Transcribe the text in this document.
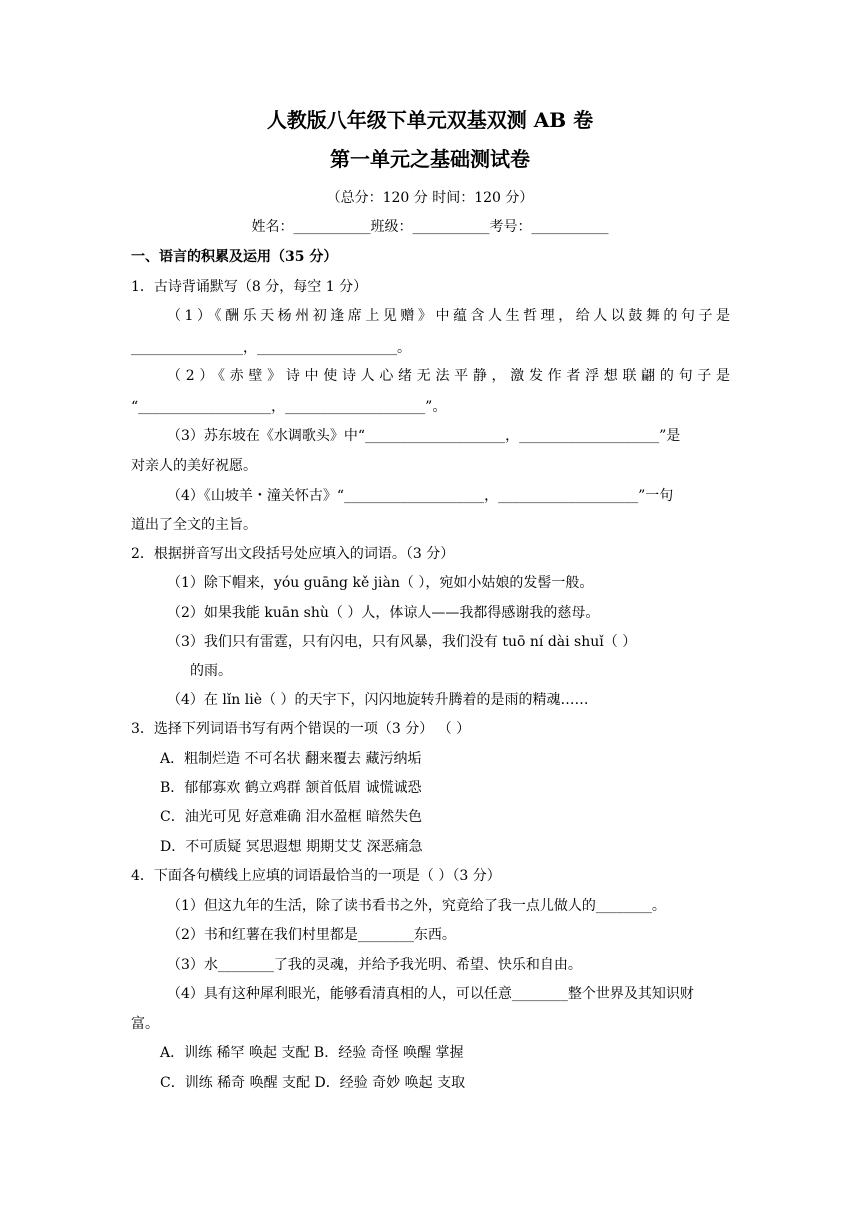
人教版八年级下单元双基双测 AB 卷
第一单元之基础测试卷
（总分：120 分 时间：120 分）
姓名：___________班级：___________考号：___________
一、语言的积累及运用（35 分）
1．古诗背诵默写（8 分，每空 1 分）
（1）《酬乐天杨州初逢席上见赠》中蕴含人生哲理，给人以鼓舞的句子是
________________，____________________。
（2）《赤壁》诗中使诗人心绪无法平静，激发作者浮想联翩的句子是
“___________________，____________________”。
（3）苏东坡在《水调歌头》中“____________________，____________________”是
对亲人的美好祝愿。
（4）《山坡羊・潼关怀古》“____________________，____________________”一句
道出了全文的主旨。
2．根据拼音写出文段括号处应填入的词语。（3 分）
（1）除下帽来，yóu guāng kě jiàn（ ），宛如小姑娘的发髻一般。
（2）如果我能 kuān shù（ ）人，体谅人——我都得感谢我的慈母。
（3）我们只有雷霆，只有闪电，只有风暴，我们没有 tuō ní dài shuǐ（ ）
的雨。
（4）在 lǐn liè（ ）的天宇下，闪闪地旋转升腾着的是雨的精魂……
3．选择下列词语书写有两个错误的一项（3 分） （ ）
A．粗制烂造 不可名状 翻来覆去 藏污纳垢
B．郁郁寡欢 鹤立鸡群 颔首低眉 诚慌诚恐
C．油光可见 好意难确 泪水盈框 暗然失色
D．不可质疑 冥思遐想 期期艾艾 深恶痛急
4．下面各句横线上应填的词语最恰当的一项是（ ）（3 分）
（1）但这九年的生活，除了读书看书之外，究竟给了我一点儿做人的________。
（2）书和红薯在我们村里都是________东西。
（3）水________了我的灵魂，并给予我光明、希望、快乐和自由。
（4）具有这种犀利眼光，能够看清真相的人，可以任意________整个世界及其知识财
富。
A．训练 稀罕 唤起 支配 B．经验 奇怪 唤醒 掌握
C．训练 稀奇 唤醒 支配 D．经验 奇妙 唤起 支取
